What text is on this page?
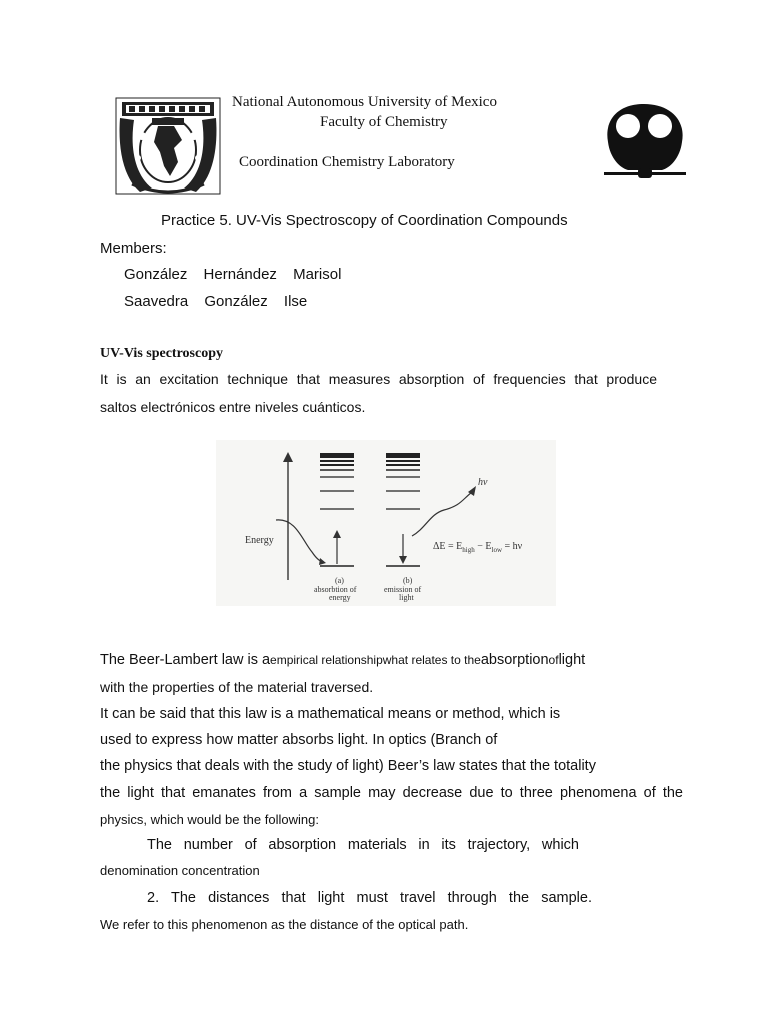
National Autonomous University of Mexico
Faculty of Chemistry
Coordination Chemistry Laboratory
Practice 5. UV-Vis Spectroscopy of Coordination Compounds
Members:
González Hernández Marisol
Saavedra González Ilse
UV-Vis spectroscopy
It is an excitation technique that measures absorption of frequencies that produce
saltos electrónicos entre niveles cuánticos.
Energy
hν
(a)
absorbtion of
energy
(b)
emission of
light
$\Delta E = E_{high} - E_{low} = h\nu$
The Beer-Lambert law is aempirical relationshipwhat relates to theabsorptionoflight
with the properties of the material traversed.
It can be said that this law is a mathematical means or method, which is
used to express how matter absorbs light. In optics (Branch of
the physics that deals with the study of light) Beer’s law states that the totality
the light that emanates from a sample may decrease due to three phenomena of the
physics, which would be the following:
The number of absorption materials in its trajectory, which
denomination concentration
2. The distances that light must travel through the sample.
We refer to this phenomenon as the distance of the optical path.
